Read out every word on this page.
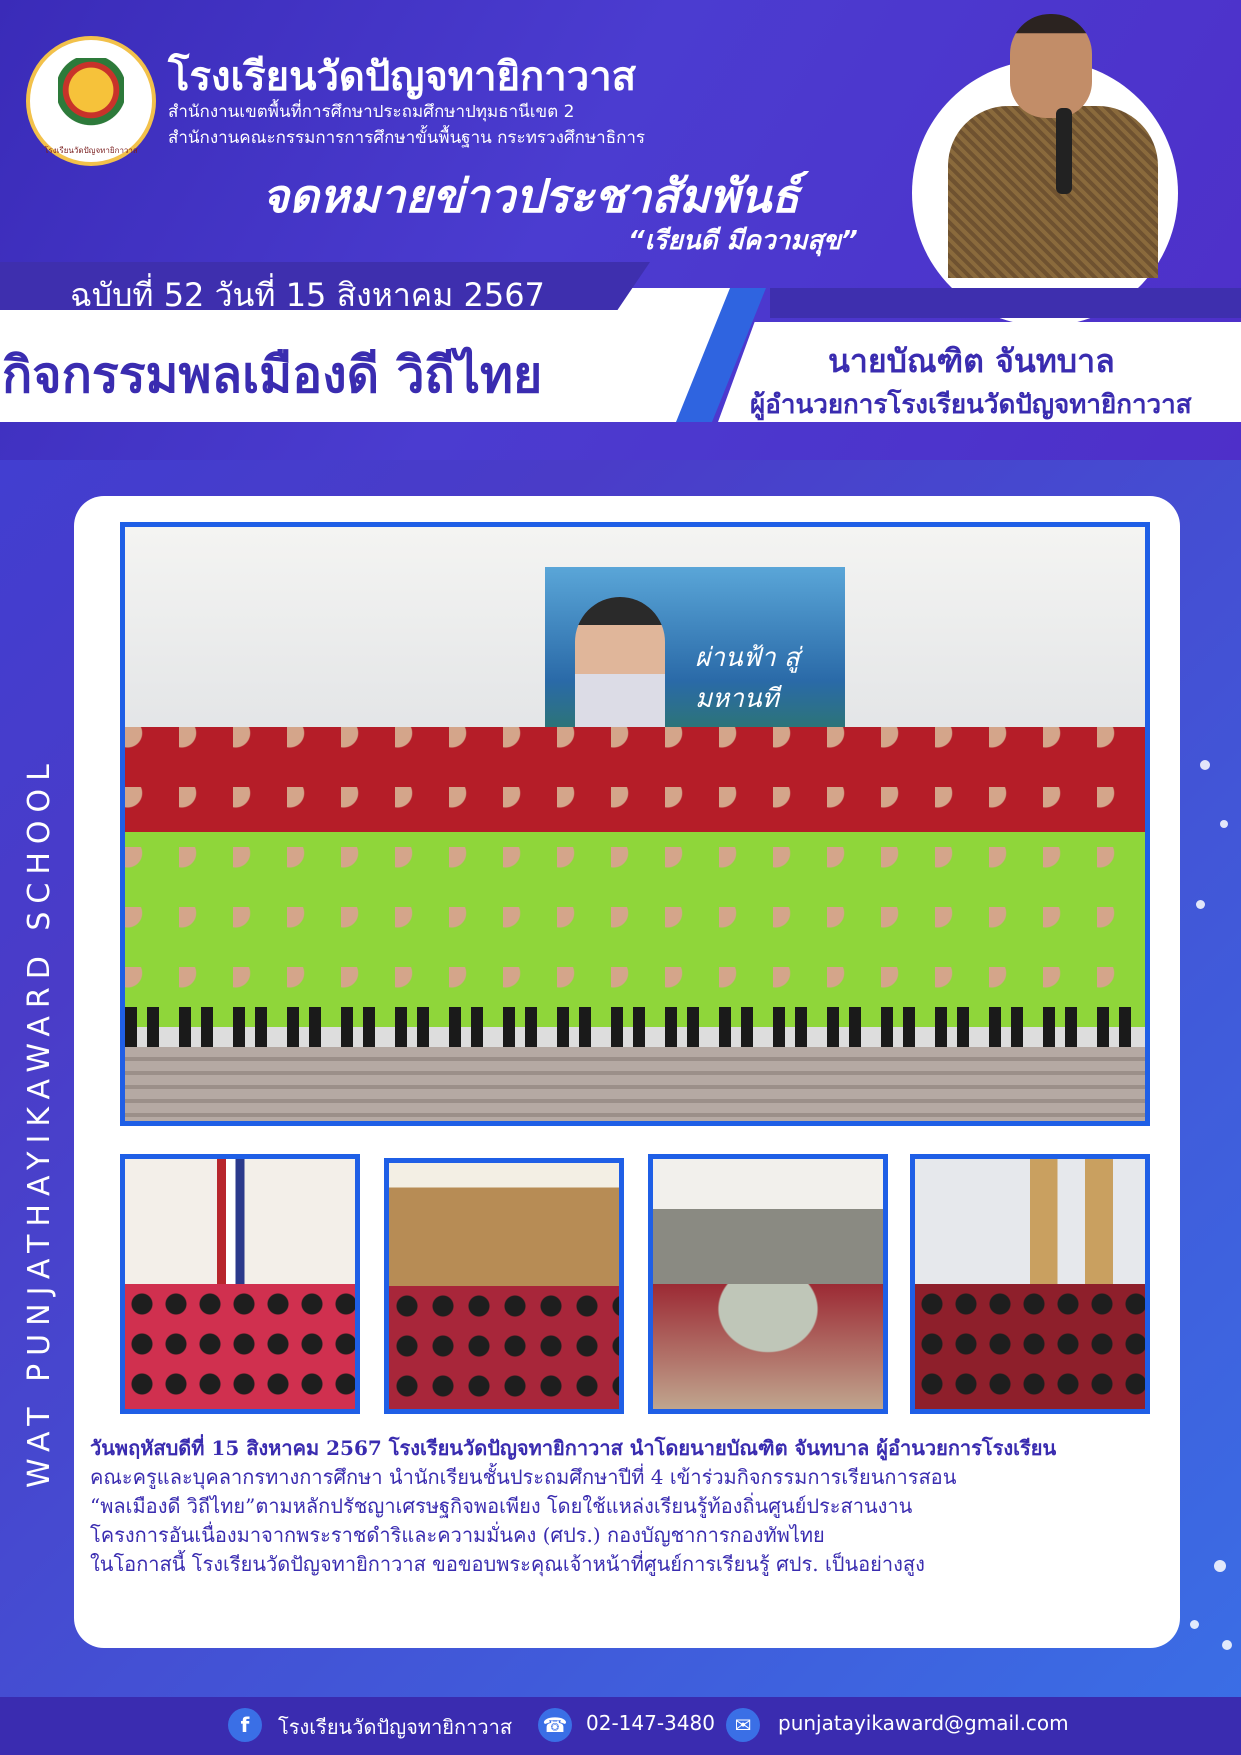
โรงเรียนวัดปัญจทายิกาวาส
โรงเรียนวัดปัญจทายิกาวาส
สำนักงานเขตพื้นที่การศึกษาประถมศึกษาปทุมธานีเขต 2
สำนักงานคณะกรรมการการศึกษาขั้นพื้นฐาน กระทรวงศึกษาธิการ
จดหมายข่าวประชาสัมพันธ์
“เรียนดี มีความสุข”
ฉบับที่ 52 วันที่ 15 สิงหาคม 2567
กิจกรรมพลเมืองดี วิถีไทย	นายบัณฑิต จันทบาล
ผู้อำนวยการโรงเรียนวัดปัญจทายิกาวาส
WAT PUNJATHAYIKAWARD SCHOOL
ผ่านฟ้า สู่มหานที
วันพฤหัสบดีที่ 15 สิงหาคม 2567 โรงเรียนวัดปัญจทายิกาวาส นำโดยนายบัณฑิต จันทบาล ผู้อำนวยการโรงเรียน
คณะครูและบุคลากรทางการศึกษา นำนักเรียนชั้นประถมศึกษาปีที่ 4 เข้าร่วมกิจกรรมการเรียนการสอน
“พลเมืองดี วิถีไทย”ตามหลักปรัชญาเศรษฐกิจพอเพียง โดยใช้แหล่งเรียนรู้ท้องถิ่นศูนย์ประสานงาน
โครงการอันเนื่องมาจากพระราชดำริและความมั่นคง (ศปร.) กองบัญชาการกองทัพไทย
ในโอกาสนี้ โรงเรียนวัดปัญจทายิกาวาส ขอขอบพระคุณเจ้าหน้าที่ศูนย์การเรียนรู้ ศปร. เป็นอย่างสูง
f	โรงเรียนวัดปัญจทายิกาวาส ☎ 02-147-3480 ✉	punjatayikaward@gmail.com
